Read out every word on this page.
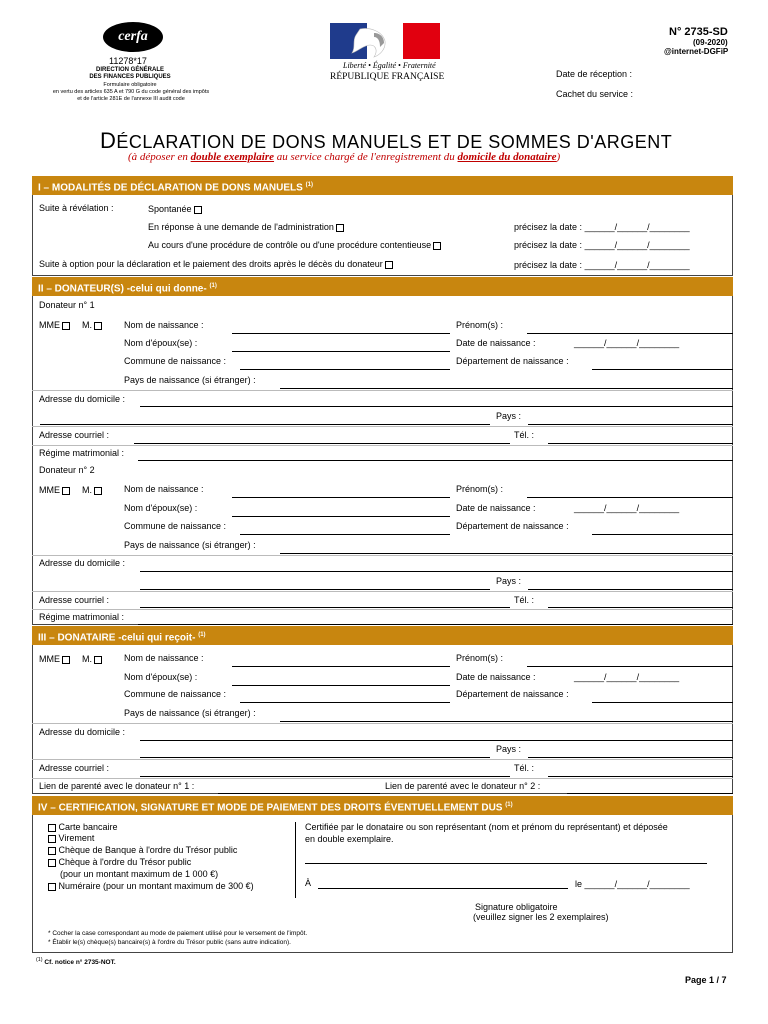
cerfa
11278*17
DIRECTION GÉNÉRALE
DES FINANCES PUBLIQUES
Formulaire obligatoire
en vertu des articles 635 A et 790 G du code général des impôts
et de l'article 281E de l'annexe III audit code
Liberté • Égalité • Fraternité
RÉPUBLIQUE FRANÇAISE
N° 2735-SD
(09-2020)
@internet-DGFiP
Date de réception :
Cachet du service :
DÉCLARATION DE DONS MANUELS ET DE SOMMES D'ARGENT
(à déposer en double exemplaire au service chargé de l'enregistrement du domicile du donataire)
I – MODALITÉS DE DÉCLARATION DE DONS MANUELS $^{(1)}$
Suite à révélation :	Spontanée
En réponse à une demande de l'administration	précisez la date : ______/______/________
Au cours d'une procédure de contrôle ou d'une procédure contentieuse	précisez la date : ______/______/________
Suite à option pour la déclaration et le paiement des droits après le décès du donateur	précisez la date : ______/______/________
II – DONATEUR(S) -celui qui donne- $^{(1)}$
Donateur n° 1
MME	M.	Nom de naissance :	Prénom(s) :
Nom d'époux(se) :	Date de naissance :	______/______/________
Commune de naissance :	Département de naissance :
Pays de naissance (si étranger) :
Adresse du domicile :
Pays :
Adresse courriel :	Tél. :
Régime matrimonial :
Donateur n° 2
MME	M.	Nom de naissance :	Prénom(s) :
Nom d'époux(se) :	Date de naissance :	______/______/________
Commune de naissance :	Département de naissance :
Pays de naissance (si étranger) :
Adresse du domicile :
Pays :
Adresse courriel :	Tél. :
Régime matrimonial :
III – DONATAIRE -celui qui reçoit- $^{(1)}$
MME	M.	Nom de naissance :	Prénom(s) :
Nom d'époux(se) :	Date de naissance :	______/______/________
Commune de naissance :	Département de naissance :
Pays de naissance (si étranger) :
Adresse du domicile :
Pays :
Adresse courriel :	Tél. :
Lien de parenté avec le donateur n° 1 :	Lien de parenté avec le donateur n° 2 :
IV – CERTIFICATION, SIGNATURE ET MODE DE PAIEMENT DES DROITS ÉVENTUELLEMENT DUS $^{(1)}$
Carte bancaire
Virement
Chèque de Banque à l'ordre du Trésor public
Chèque à l'ordre du Trésor public
(pour un montant maximum de 1 000 €)
Numéraire (pour un montant maximum de 300 €)
Certifiée par le donataire ou son représentant (nom et prénom du représentant) et déposée
en double exemplaire.
À	le ______/______/________
Signature obligatoire
(veuillez signer les 2 exemplaires)
* Cocher la case correspondant au mode de paiement utilisé pour le versement de l'impôt.
* Établir le(s) chèque(s) bancaire(s) à l'ordre du Trésor public (sans autre indication).
$^{(1)}$ Cf. notice n° 2735-NOT.
Page 1 / 7
